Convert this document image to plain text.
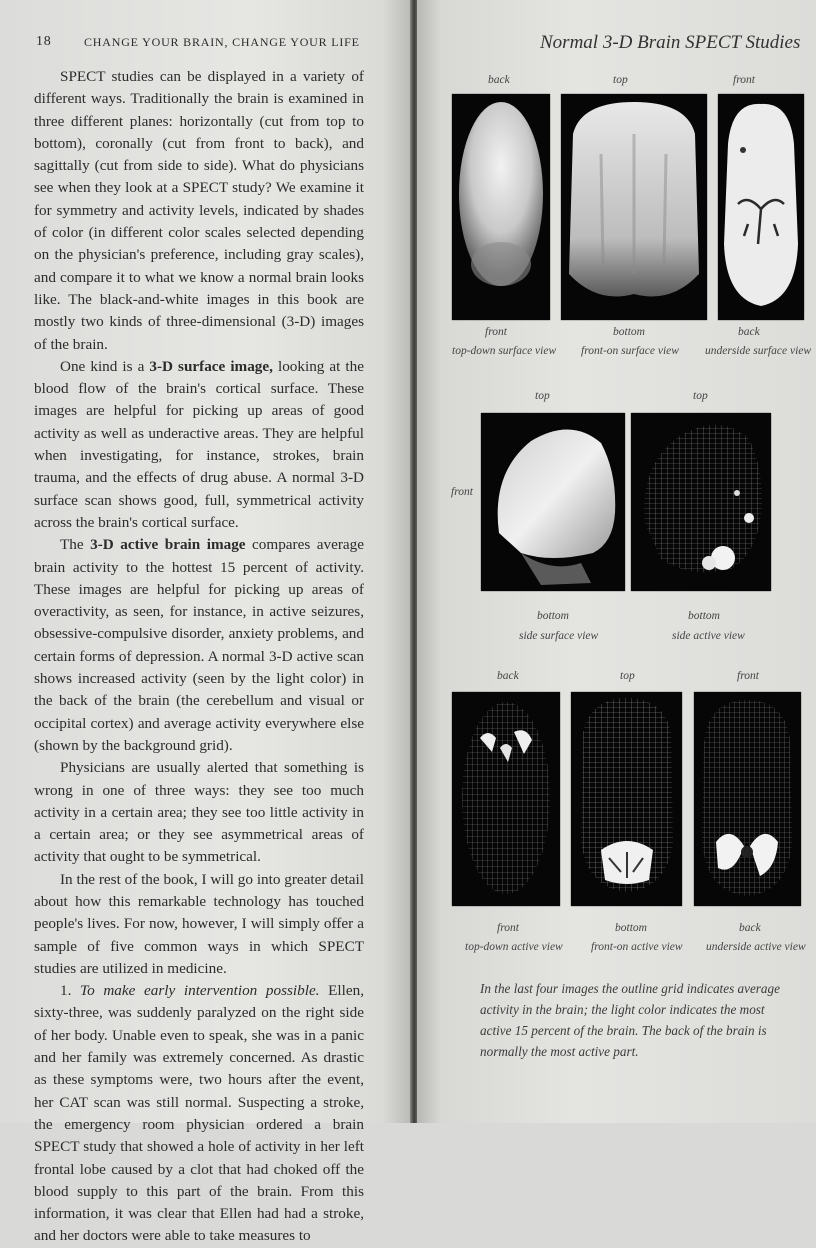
18	CHANGE YOUR BRAIN, CHANGE YOUR LIFE

SPECT studies can be displayed in a variety of different ways. Traditionally the brain is examined in three different planes: horizontally (cut from top to bottom), coronally (cut from front to back), and sagittally (cut from side to side). What do physicians see when they look at a SPECT study? We examine it for symmetry and activity levels, indicated by shades of color (in different color scales selected depending on the physician's preference, including gray scales), and compare it to what we know a normal brain looks like. The black-and-white images in this book are mostly two kinds of three-dimensional (3-D) images of the brain.

One kind is a 3-D surface image, looking at the blood flow of the brain's cortical surface. These images are helpful for picking up areas of good activity as well as underactive areas. They are helpful when investigating, for instance, strokes, brain trauma, and the effects of drug abuse. A normal 3-D surface scan shows good, full, symmetrical activity across the brain's cortical surface.

The 3-D active brain image compares average brain activity to the hottest 15 percent of activity. These images are helpful for picking up areas of overactivity, as seen, for instance, in active seizures, obsessive-compulsive disorder, anxiety problems, and certain forms of depression. A normal 3-D active scan shows increased activity (seen by the light color) in the back of the brain (the cerebellum and visual or occipital cortex) and average activity everywhere else (shown by the background grid).

Physicians are usually alerted that something is wrong in one of three ways: they see too much activity in a certain area; they see too little activity in a certain area; or they see asymmetrical areas of activity that ought to be symmetrical.

In the rest of the book, I will go into greater detail about how this remarkable technology has touched people's lives. For now, however, I will simply offer a sample of five common ways in which SPECT studies are utilized in medicine.

1. To make early intervention possible. Ellen, sixty-three, was suddenly paralyzed on the right side of her body. Unable even to speak, she was in a panic and her family was extremely concerned. As drastic as these symptoms were, two hours after the event, her CAT scan was still normal. Suspecting a stroke, the emergency room physician ordered a brain SPECT study that showed a hole of activity in her left frontal lobe caused by a clot that had choked off the blood supply to this part of the brain. From this information, it was clear that Ellen had had a stroke, and her doctors were able to take measures to

Normal 3-D Brain SPECT Studies
back	top	front
front	bottom	back
top-down surface view front-on surface view underside surface view
top	top
front
bottom	bottom
side surface view	side active view
back	top	front
front	bottom	back
top-down active view front-on active view underside active view
In the last four images the outline grid indicates average activity in the brain; the light color indicates the most active 15 percent of the brain. The back of the brain is normally the most active part.
